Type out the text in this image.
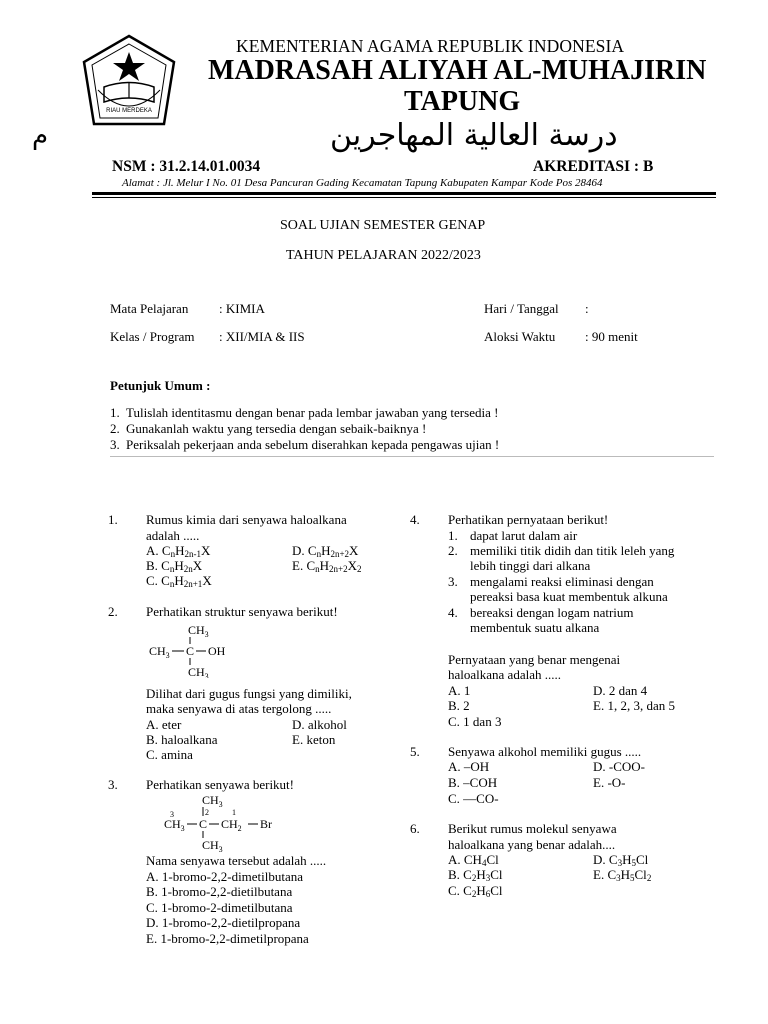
RIAU MERDEKA
KEMENTERIAN AGAMA REPUBLIK INDONESIA
MADRASAH ALIYAH AL-MUHAJIRIN
TAPUNG
درسة العالية المهاجرين
م
NSM : 31.2.14.01.0034	AKREDITASI : B
Alamat : Jl. Melur I No. 01 Desa Pancuran Gading Kecamatan Tapung Kabupaten Kampar Kode Pos 28464
SOAL UJIAN SEMESTER GENAP
TAHUN PELAJARAN 2022/2023
Mata Pelajaran : KIMIA	Hari / Tanggal :
Kelas / Program : XII/MIA & IIS	Aloksi Waktu : 90 menit
Petunjuk Umum :
1. Tulislah identitasmu dengan benar pada lembar jawaban yang tersedia !
2. Gunakanlah waktu yang tersedia dengan sebaik-baiknya !
3. Periksalah pekerjaan anda sebelum diserahkan kepada pengawas ujian !
1. Rumus kimia dari senyawa haloalkana
adalah .....
A. $C_nH_{2n-1}X$
B. $C_nH_{2n}X$
C. $C_nH_{2n+1}X$
D. $C_nH_{2n+2}X$
E. $C_nH_{2n+2}X_2$
2. Perhatikan struktur senyawa berikut!
$CH_3$
$CH_3$ C OH
$CH_3$
Dilihat dari gugus fungsi yang dimiliki,
maka senyawa di atas tergolong .....
A. eter
B. haloalkana
C. amina
D. alkohol
E. keton
3. Perhatikan senyawa berikut!
$CH_3$
2	1
3
$CH_3$ C $CH_2$ Br
$CH_3$
Nama senyawa tersebut adalah .....
A. 1-bromo-2,2-dimetilbutana
B. 1-bromo-2,2-dietilbutana
C. 1-bromo-2-dimetilbutana
D. 1-bromo-2,2-dietilpropana
E. 1-bromo-2,2-dimetilpropana
4. Perhatikan pernyataan berikut!
1. dapat larut dalam air
2. memiliki titik didih dan titik leleh yang
lebih tinggi dari alkana
3. mengalami reaksi eliminasi dengan
pereaksi basa kuat membentuk alkuna
4. bereaksi dengan logam natrium
membentuk suatu alkana
Pernyataan yang benar mengenai
haloalkana adalah .....
A. 1
B. 2
C. 1 dan 3
D. 2 dan 4
E. 1, 2, 3, dan 5
5. Senyawa alkohol memiliki gugus .....
A. –OH
B. –COH
C. —CO-
D. -COO-
E. -O-
6. Berikut rumus molekul senyawa
haloalkana yang benar adalah....
A. $CH_4Cl$
B. $C_2H_3Cl$
C. $C_2H_6Cl$
D. $C_3H_5Cl$
E. $C_3H_5Cl_2$
